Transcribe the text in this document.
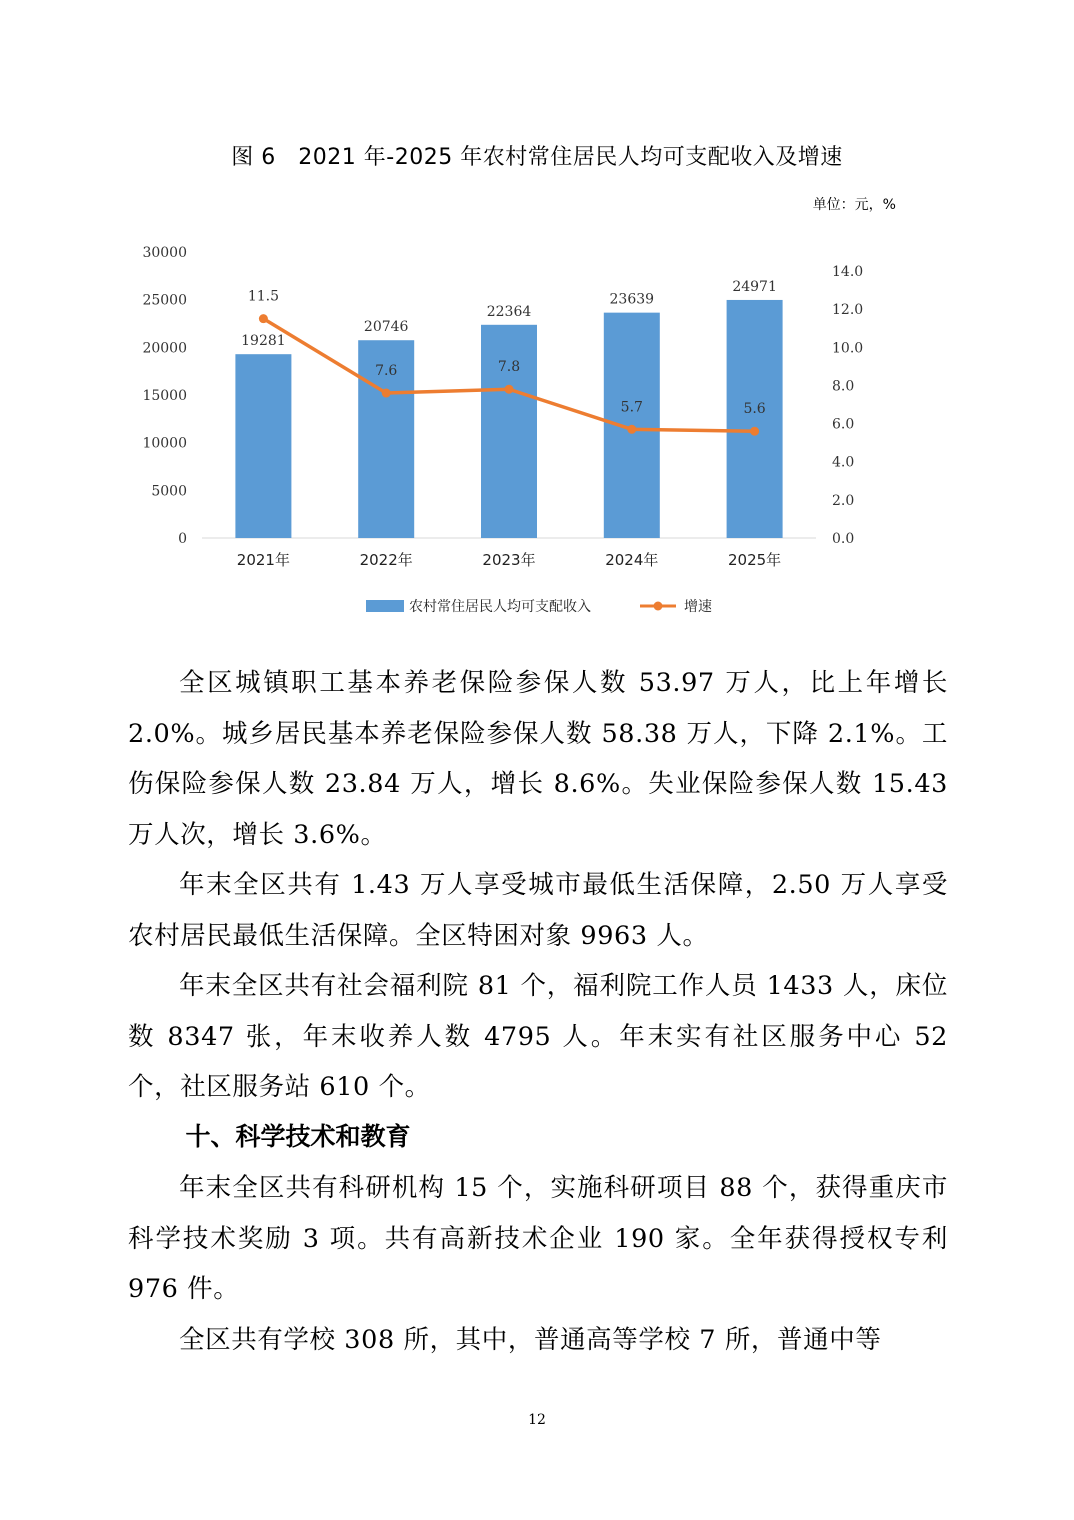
图 6　2021 年-2025 年农村常住居民人均可支配收入及增速
单位：元，%
0
5000
10000
15000
20000
25000
30000
0.0
2.0
4.0
6.0
8.0
10.0
12.0
14.0
2021年	2022年	2023年	2024年	2025年
19281
20746
22364
23639
24971
11.5
7.6	7.8
5.7	5.6
农村常住居民人均可支配收入	增速

全区城镇职工基本养老保险参保人数 53.97 万人，比上年增长 2.0%。城乡居民基本养老保险参保人数 58.38 万人，下降 2.1%。工伤保险参保人数 23.84 万人，增长 8.6%。失业保险参保人数 15.43 万人次，增长 3.6%。

年末全区共有 1.43 万人享受城市最低生活保障，2.50 万人享受农村居民最低生活保障。全区特困对象 9963 人。

年末全区共有社会福利院 81 个，福利院工作人员 1433 人，床位数 8347 张，年末收养人数 4795 人。年末实有社区服务中心 52 个，社区服务站 610 个。

十、科学技术和教育

年末全区共有科研机构 15 个，实施科研项目 88 个，获得重庆市科学技术奖励 3 项。共有高新技术企业 190 家。全年获得授权专利 976 件。

全区共有学校 308 所，其中，普通高等学校 7 所，普通中等

12
